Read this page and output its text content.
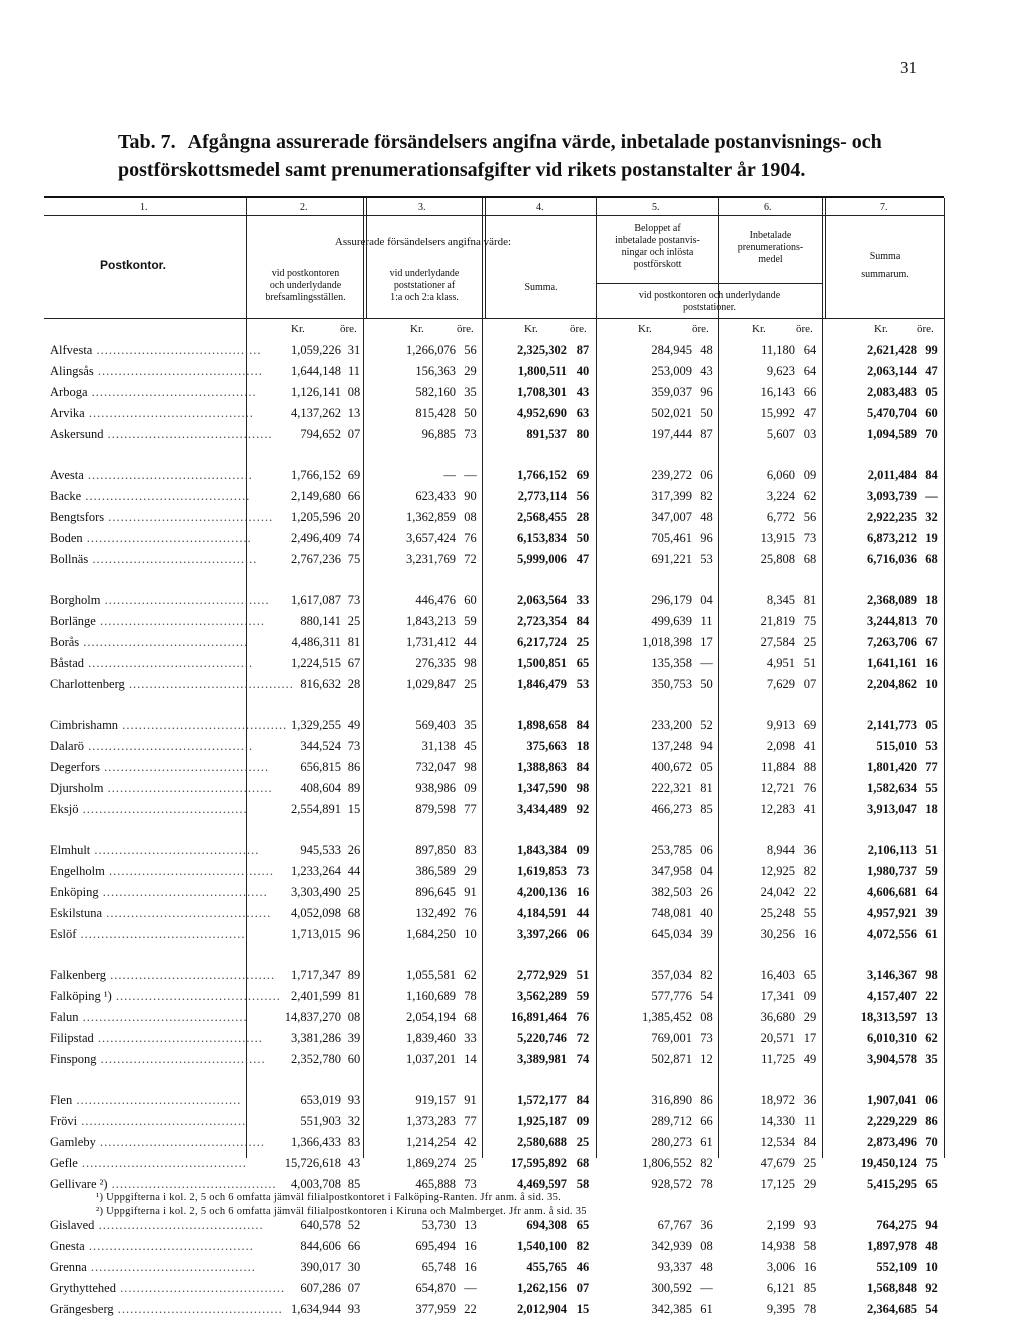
31
Tab. 7. Afgångna assurerade försändelsers angifna värde, inbetalade postanvisnings- och postförskottsmedel samt prenumerationsafgifter vid rikets postanstalter år 1904.
1.	2.	3.	4.	5.	6.	7.
Postkontor.
Assurerade försändelsers angifna värde:
vid postkontoren
och underlydande
brefsamlingsställen.
vid underlydande
poststationer af
1:a och 2:a klass.
Summa.
Beloppet af
inbetalade postanvis-
ningar och inlösta
postförskott
Inbetalade
prenumerations-
medel
vid postkontoren och underlydande
poststationer.
Summa
summarum.
Kr.	öre.	Kr.	öre.	Kr.	öre.	Kr.	öre.	Kr.	öre.	Kr.	öre.
Alfvesta ........................................	1,059,226	31	1,266,076	56	2,325,302	87	284,945	48	11,180	64	2,621,428	99
Alingsås ........................................	1,644,148	11	156,363	29	1,800,511	40	253,009	43	9,623	64	2,063,144	47
Arboga ........................................	1,126,141	08	582,160	35	1,708,301	43	359,037	96	16,143	66	2,083,483	05
Arvika ........................................	4,137,262	13	815,428	50	4,952,690	63	502,021	50	15,992	47	5,470,704	60
Askersund ........................................	794,652	07	96,885	73	891,537	80	197,444	87	5,607	03	1,094,589	70

Avesta ........................................	1,766,152	69	—	—	1,766,152	69	239,272	06	6,060	09	2,011,484	84
Backe ........................................	2,149,680	66	623,433	90	2,773,114	56	317,399	82	3,224	62	3,093,739	—
Bengtsfors ........................................	1,205,596	20	1,362,859	08	2,568,455	28	347,007	48	6,772	56	2,922,235	32
Boden ........................................	2,496,409	74	3,657,424	76	6,153,834	50	705,461	96	13,915	73	6,873,212	19
Bollnäs ........................................	2,767,236	75	3,231,769	72	5,999,006	47	691,221	53	25,808	68	6,716,036	68

Borgholm ........................................	1,617,087	73	446,476	60	2,063,564	33	296,179	04	8,345	81	2,368,089	18
Borlänge ........................................	880,141	25	1,843,213	59	2,723,354	84	499,639	11	21,819	75	3,244,813	70
Borås ........................................	4,486,311	81	1,731,412	44	6,217,724	25	1,018,398	17	27,584	25	7,263,706	67
Båstad ........................................	1,224,515	67	276,335	98	1,500,851	65	135,358	—	4,951	51	1,641,161	16
Charlottenberg ........................................	816,632	28	1,029,847	25	1,846,479	53	350,753	50	7,629	07	2,204,862	10

Cimbrishamn ........................................	1,329,255	49	569,403	35	1,898,658	84	233,200	52	9,913	69	2,141,773	05
Dalarö ........................................	344,524	73	31,138	45	375,663	18	137,248	94	2,098	41	515,010	53
Degerfors ........................................	656,815	86	732,047	98	1,388,863	84	400,672	05	11,884	88	1,801,420	77
Djursholm ........................................	408,604	89	938,986	09	1,347,590	98	222,321	81	12,721	76	1,582,634	55
Eksjö ........................................	2,554,891	15	879,598	77	3,434,489	92	466,273	85	12,283	41	3,913,047	18

Elmhult ........................................	945,533	26	897,850	83	1,843,384	09	253,785	06	8,944	36	2,106,113	51
Engelholm ........................................	1,233,264	44	386,589	29	1,619,853	73	347,958	04	12,925	82	1,980,737	59
Enköping ........................................	3,303,490	25	896,645	91	4,200,136	16	382,503	26	24,042	22	4,606,681	64
Eskilstuna ........................................	4,052,098	68	132,492	76	4,184,591	44	748,081	40	25,248	55	4,957,921	39
Eslöf ........................................	1,713,015	96	1,684,250	10	3,397,266	06	645,034	39	30,256	16	4,072,556	61

Falkenberg ........................................	1,717,347	89	1,055,581	62	2,772,929	51	357,034	82	16,403	65	3,146,367	98
Falköping ¹) ........................................	2,401,599	81	1,160,689	78	3,562,289	59	577,776	54	17,341	09	4,157,407	22
Falun ........................................	14,837,270	08	2,054,194	68	16,891,464	76	1,385,452	08	36,680	29	18,313,597	13
Filipstad ........................................	3,381,286	39	1,839,460	33	5,220,746	72	769,001	73	20,571	17	6,010,310	62
Finspong ........................................	2,352,780	60	1,037,201	14	3,389,981	74	502,871	12	11,725	49	3,904,578	35

Flen ........................................	653,019	93	919,157	91	1,572,177	84	316,890	86	18,972	36	1,907,041	06
Frövi ........................................	551,903	32	1,373,283	77	1,925,187	09	289,712	66	14,330	11	2,229,229	86
Gamleby ........................................	1,366,433	83	1,214,254	42	2,580,688	25	280,273	61	12,534	84	2,873,496	70
Gefle ........................................	15,726,618	43	1,869,274	25	17,595,892	68	1,806,552	82	47,679	25	19,450,124	75
Gellivare ²) ........................................	4,003,708	85	465,888	73	4,469,597	58	928,572	78	17,125	29	5,415,295	65

Gislaved ........................................	640,578	52	53,730	13	694,308	65	67,767	36	2,199	93	764,275	94
Gnesta ........................................	844,606	66	695,494	16	1,540,100	82	342,939	08	14,938	58	1,897,978	48
Grenna ........................................	390,017	30	65,748	16	455,765	46	93,337	48	3,006	16	552,109	10
Grythyttehed ........................................	607,286	07	654,870	—	1,262,156	07	300,592	—	6,121	85	1,568,848	92
Grängesberg ........................................	1,634,944	93	377,959	22	2,012,904	15	342,385	61	9,395	78	2,364,685	54
¹) Uppgifterna i kol. 2, 5 och 6 omfatta jämväl filialpostkontoret i Falköping-Ranten. Jfr anm. å sid. 35.
²) Uppgifterna i kol. 2, 5 och 6 omfatta jämväl filialpostkontoren i Kiruna och Malmberget. Jfr anm. å sid. 35
